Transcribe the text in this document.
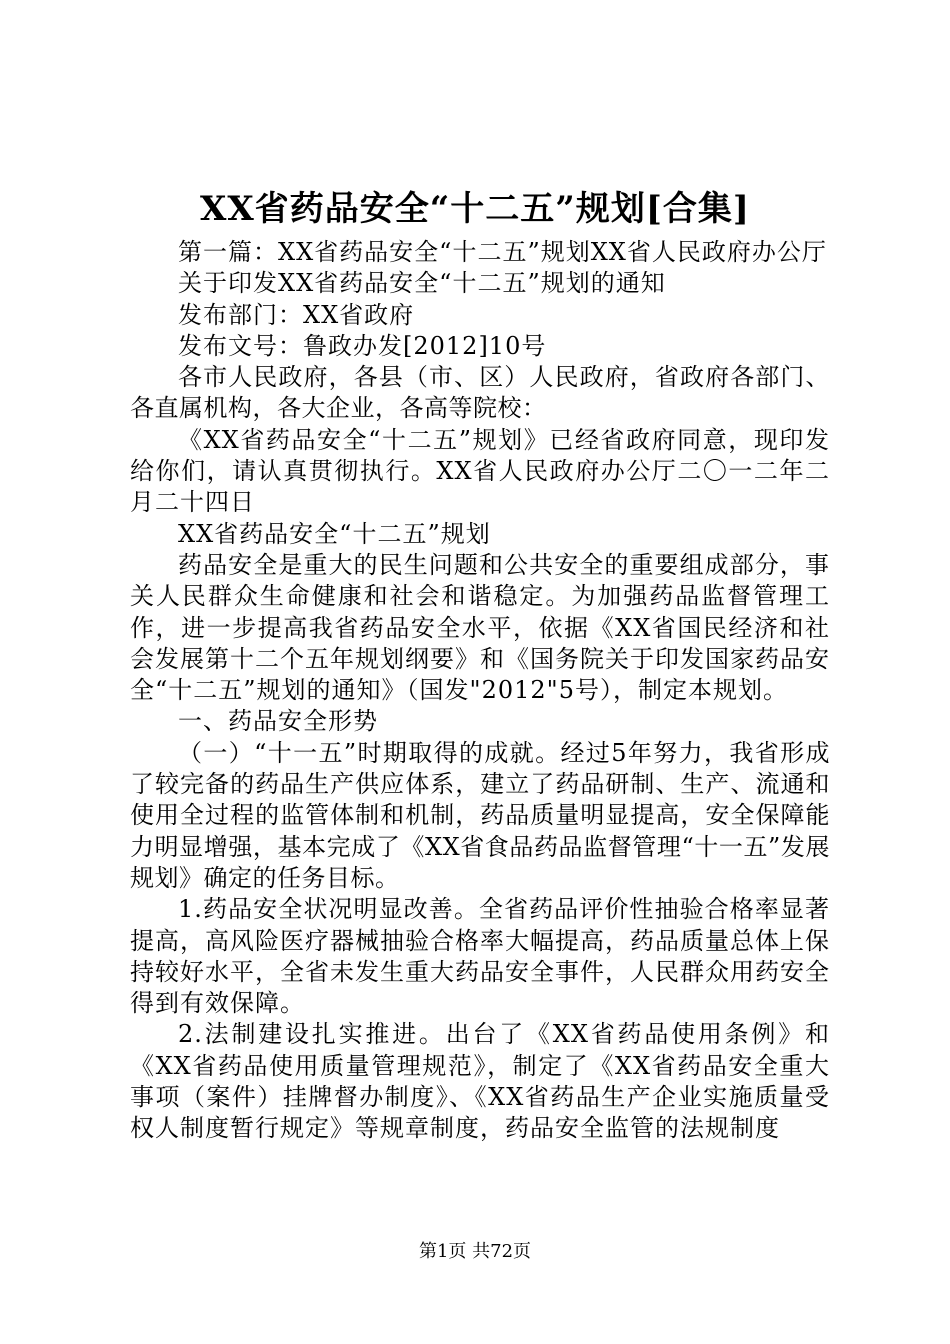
XX省药品安全“十二五”规划[合集]

第一篇：XX省药品安全“十二五”规划XX省人民政府办公厅

关于印发XX省药品安全“十二五”规划的通知

发布部门：XX省政府

发布文号：鲁政办发[2012]10号

各市人民政府，各县（市、区）人民政府，省政府各部门、各直属机构，各大企业，各高等院校：

《XX省药品安全“十二五”规划》已经省政府同意，现印发给你们，请认真贯彻执行。XX省人民政府办公厅二〇一二年二月二十四日

XX省药品安全“十二五”规划

药品安全是重大的民生问题和公共安全的重要组成部分，事关人民群众生命健康和社会和谐稳定。为加强药品监督管理工作，进一步提高我省药品安全水平，依据《XX省国民经济和社会发展第十二个五年规划纲要》和《国务院关于印发国家药品安全“十二五”规划的通知》（国发"2012"5号），制定本规划。

一、药品安全形势

（一）“十一五”时期取得的成就。经过5年努力，我省形成了较完备的药品生产供应体系，建立了药品研制、生产、流通和使用全过程的监管体制和机制，药品质量明显提高，安全保障能力明显增强，基本完成了《XX省食品药品监督管理“十一五”发展规划》确定的任务目标。

1.药品安全状况明显改善。全省药品评价性抽验合格率显著提高，高风险医疗器械抽验合格率大幅提高，药品质量总体上保持较好水平，全省未发生重大药品安全事件，人民群众用药安全得到有效保障。

2.法制建设扎实推进。出台了《XX省药品使用条例》和《XX省药品使用质量管理规范》，制定了《XX省药品安全重大事项（案件）挂牌督办制度》、《XX省药品生产企业实施质量受权人制度暂行规定》等规章制度，药品安全监管的法规制度

第1页 共72页
